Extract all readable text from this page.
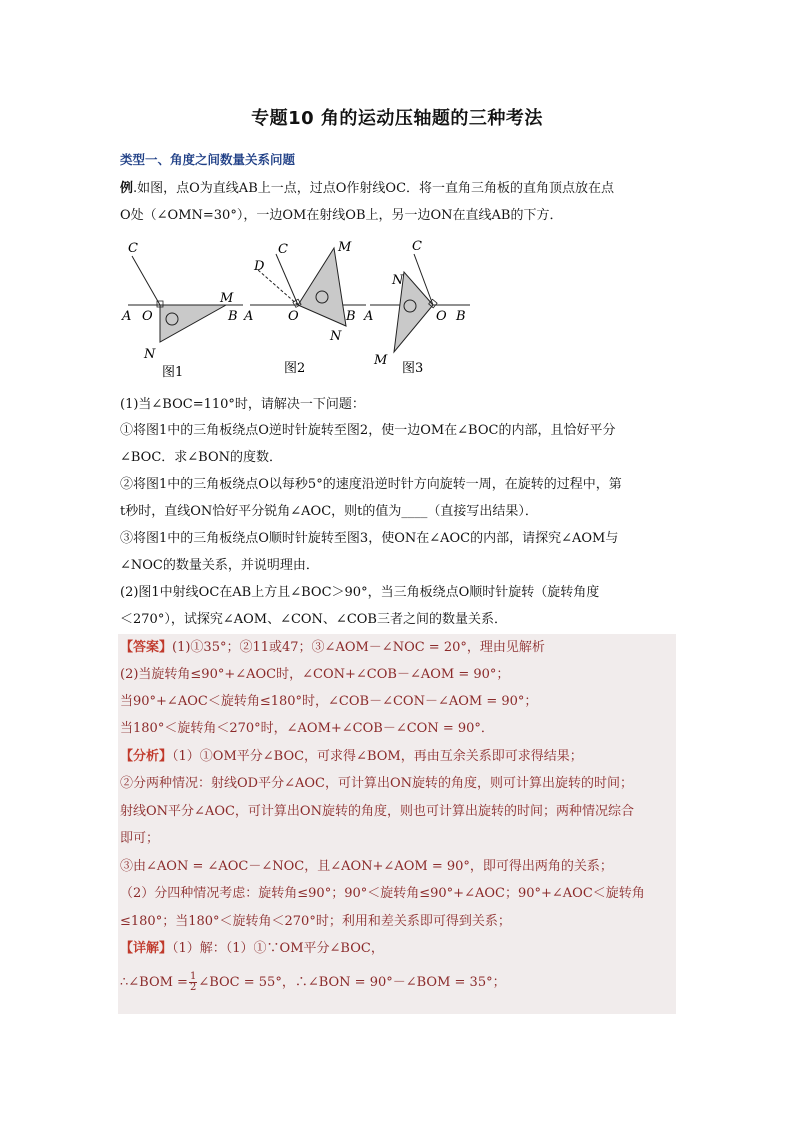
专题10 角的运动压轴题的三种考法
类型一、角度之间数量关系问题
例.如图，点O为直线AB上一点，过点O作射线OC．将一直角三角板的直角顶点放在点
O处（∠OMN=30°），一边OM在射线OB上，另一边ON在直线AB的下方．
C
A O
M
B
N
图1
D
C	M
A	O	B
N
图2
C
N
A	O B
M
图3
(1)当∠BOC=110°时，请解决一下问题：
①将图1中的三角板绕点O逆时针旋转至图2，使一边OM在∠BOC的内部，且恰好平分
∠BOC．求∠BON的度数．
②将图1中的三角板绕点O以每秒5°的速度沿逆时针方向旋转一周，在旋转的过程中，第
t秒时，直线ON恰好平分锐角∠AOC，则t的值为____（直接写出结果）．
③将图1中的三角板绕点O顺时针旋转至图3，使ON在∠AOC的内部，请探究∠AOM与
∠NOC的数量关系，并说明理由．
(2)图1中射线OC在AB上方且∠BOC＞90°，当三角板绕点O顺时针旋转（旋转角度
＜270°），试探究∠AOM、∠CON、∠COB三者之间的数量关系．
【答案】(1)①35°；②11或47；③∠AOM－∠NOC = 20°，理由见解析
(2)当旋转角≤90°+∠AOC时，∠CON+∠COB－∠AOM = 90°；
当90°+∠AOC＜旋转角≤180°时，∠COB－∠CON－∠AOM = 90°；
当180°＜旋转角＜270°时，∠AOM+∠COB－∠CON = 90°．
【分析】（1）①OM平分∠BOC，可求得∠BOM，再由互余关系即可求得结果；
②分两种情况：射线OD平分∠AOC，可计算出ON旋转的角度，则可计算出旋转的时间；
射线ON平分∠AOC，可计算出ON旋转的角度，则也可计算出旋转的时间；两种情况综合
即可；
③由∠AON = ∠AOC－∠NOC，且∠AON+∠AOM = 90°，即可得出两角的关系；
（2）分四种情况考虑：旋转角≤90°；90°＜旋转角≤90°+∠AOC；90°+∠AOC＜旋转角
≤180°；当180°＜旋转角＜270°时；利用和差关系即可得到关系；
【详解】（1）解：（1）①∵OM平分∠BOC，
∴∠BOM = $\frac{1}{2}$ ∠BOC = 55°，∴∠BON = 90°－∠BOM = 35°；
